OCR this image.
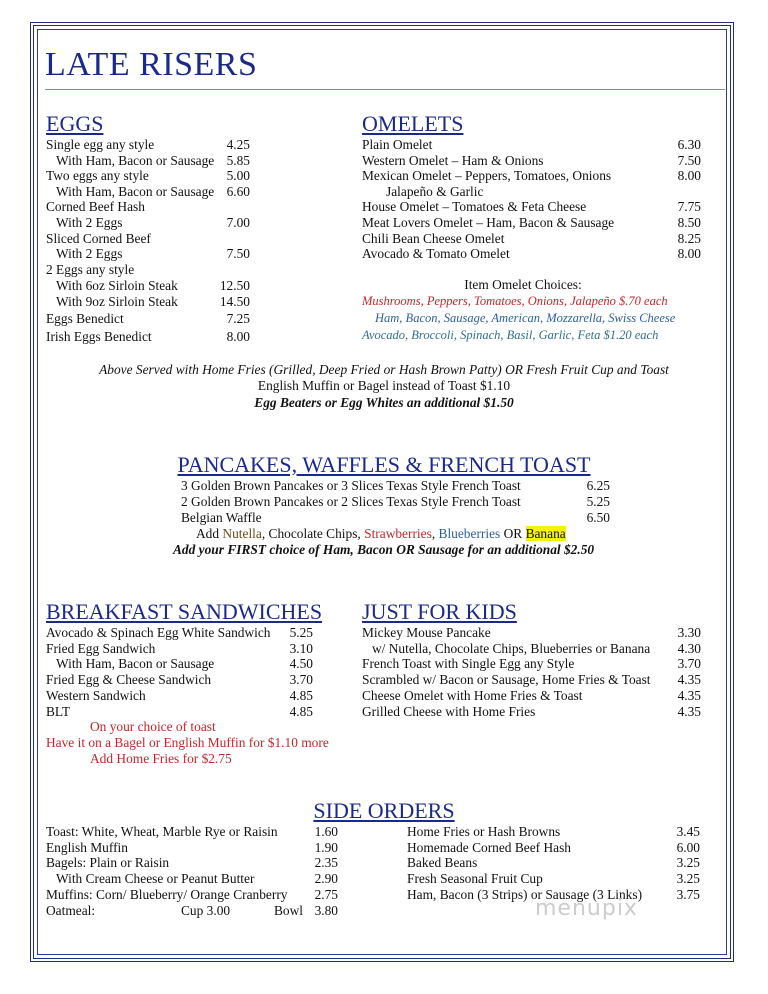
LATE RISERS
EGGS
Single egg any style	4.25
With Ham, Bacon or Sausage 5.85
Two eggs any style	5.00
With Ham, Bacon or Sausage 6.60
Corned Beef Hash
With 2 Eggs	7.00
Sliced Corned Beef
With 2 Eggs	7.50
2 Eggs any style
With 6oz Sirloin Steak	12.50
With 9oz Sirloin Steak	14.50
Eggs Benedict	7.25
Irish Eggs Benedict	8.00
OMELETS
Plain Omelet	6.30
Western Omelet – Ham & Onions	7.50
Mexican Omelet – Peppers, Tomatoes, Onions	8.00
Jalapeño & Garlic
House Omelet – Tomatoes & Feta Cheese	7.75
Meat Lovers Omelet – Ham, Bacon & Sausage	8.50
Chili Bean Cheese Omelet	8.25
Avocado & Tomato Omelet	8.00
Item Omelet Choices:
Mushrooms, Peppers, Tomatoes, Onions, Jalapeño $.70 each
Ham, Bacon, Sausage, American, Mozzarella, Swiss Cheese
Avocado, Broccoli, Spinach, Basil, Garlic, Feta $1.20 each
Above Served with Home Fries (Grilled, Deep Fried or Hash Brown Patty) OR Fresh Fruit Cup and Toast
English Muffin or Bagel instead of Toast $1.10
Egg Beaters or Egg Whites an additional $1.50
PANCAKES, WAFFLES & FRENCH TOAST
3 Golden Brown Pancakes or 3 Slices Texas Style French Toast	6.25
2 Golden Brown Pancakes or 2 Slices Texas Style French Toast	5.25
Belgian Waffle	6.50
Add Nutella, Chocolate Chips, Strawberries, Blueberries OR Banana
Add your FIRST choice of Ham, Bacon OR Sausage for an additional $2.50
BREAKFAST SANDWICHES
Avocado & Spinach Egg White Sandwich	5.25
Fried Egg Sandwich	3.10
With Ham, Bacon or Sausage	4.50
Fried Egg & Cheese Sandwich	3.70
Western Sandwich	4.85
BLT	4.85
On your choice of toast
Have it on a Bagel or English Muffin for $1.10 more
Add Home Fries for $2.75
JUST FOR KIDS
Mickey Mouse Pancake	3.30
w/ Nutella, Chocolate Chips, Blueberries or Banana	4.30
French Toast with Single Egg any Style	3.70
Scrambled w/ Bacon or Sausage, Home Fries & Toast	4.35
Cheese Omelet with Home Fries & Toast	4.35
Grilled Cheese with Home Fries	4.35
SIDE ORDERS
Toast: White, Wheat, Marble Rye or Raisin	1.60
English Muffin	1.90
Bagels: Plain or Raisin	2.35
With Cream Cheese or Peanut Butter	2.90
Muffins: Corn/ Blueberry/ Orange Cranberry	2.75
Oatmeal:	Cup 3.00	Bowl 3.80
Home Fries or Hash Browns	3.45
Homemade Corned Beef Hash	6.00
Baked Beans	3.25
Fresh Seasonal Fruit Cup	3.25
Ham, Bacon (3 Strips) or Sausage (3 Links)	3.75
menupix
